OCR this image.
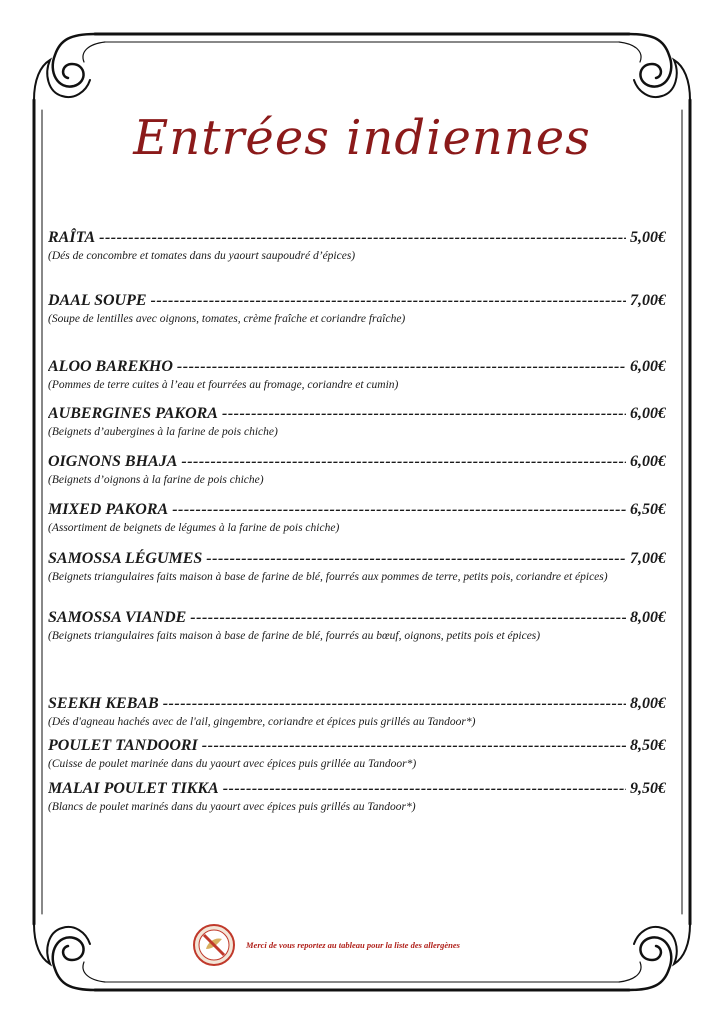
Entrées indiennes
RAÎTA -----	5,00€
(Dés de concombre et tomates dans du yaourt saupoudré d’épices)
DAAL SOUPE -----	7,00€
(Soupe de lentilles avec oignons, tomates, crème fraîche et coriandre fraîche)
ALOO BAREKHO -----	6,00€
(Pommes de terre cuites à l’eau et fourrées au fromage, coriandre et cumin)
AUBERGINES PAKORA -----	6,00€
(Beignets d’aubergines à la farine de pois chiche)
OIGNONS BHAJA -----	6,00€
(Beignets d’oignons à la farine de pois chiche)
MIXED PAKORA -----	6,50€
(Assortiment de beignets de légumes à la farine de pois chiche)
SAMOSSA LÉGUMES -----	7,00€
(Beignets triangulaires faits maison à base de farine de blé, fourrés aux pommes de terre, petits pois, coriandre et épices)
SAMOSSA VIANDE -----	8,00€
(Beignets triangulaires faits maison à base de farine de blé, fourrés au bœuf, oignons, petits pois et épices)
SEEKH KEBAB -----	8,00€
(Dés d'agneau hachés avec de l'ail, gingembre, coriandre et épices puis grillés au Tandoor*)
POULET TANDOORI -----	8,50€
(Cuisse de poulet marinée dans du yaourt avec épices puis grillée au Tandoor*)
MALAI POULET TIKKA -----	9,50€
(Blancs de poulet marinés dans du yaourt avec épices puis grillés au Tandoor*)
Merci de vous reportez au tableau pour la liste des allergènes
